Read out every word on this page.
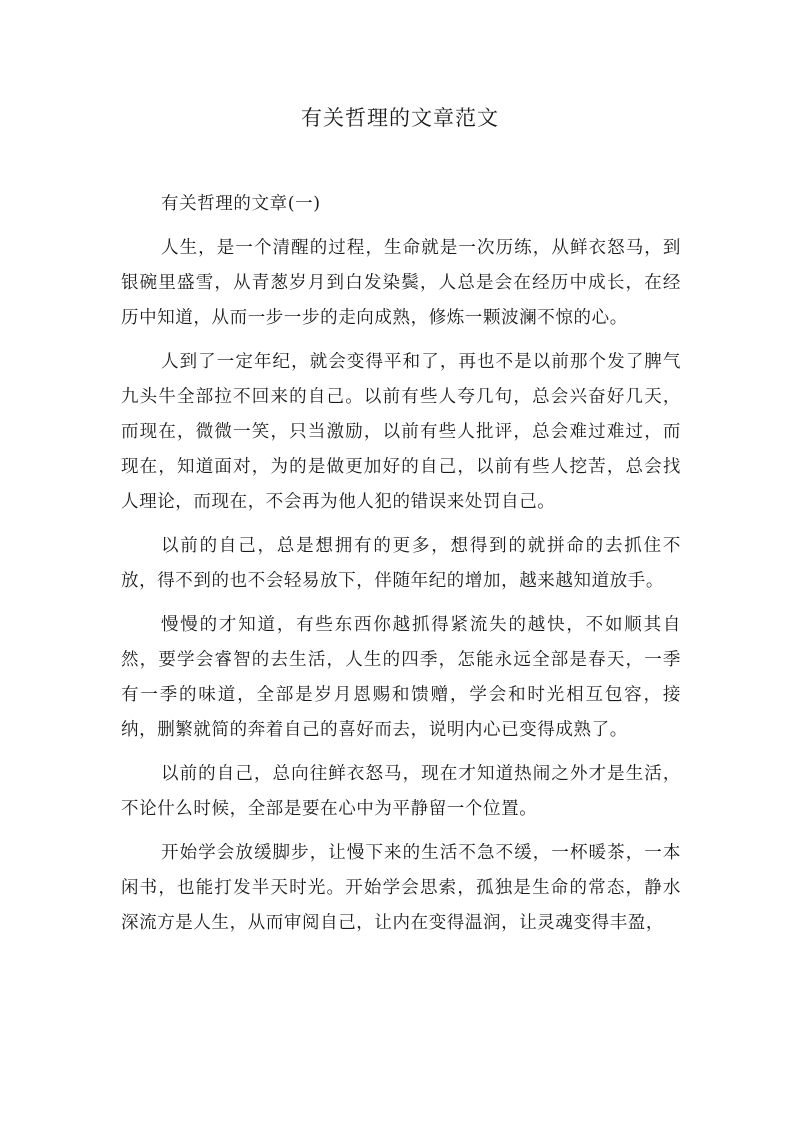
有关哲理的文章范文

有关哲理的文章(一)

人生，是一个清醒的过程，生命就是一次历练，从鲜衣怒马，到银碗里盛雪，从青葱岁月到白发染鬓，人总是会在经历中成长，在经历中知道，从而一步一步的走向成熟，修炼一颗波澜不惊的心。

人到了一定年纪，就会变得平和了，再也不是以前那个发了脾气九头牛全部拉不回来的自己。以前有些人夸几句，总会兴奋好几天，而现在，微微一笑，只当激励，以前有些人批评，总会难过难过，而现在，知道面对，为的是做更加好的自己，以前有些人挖苦，总会找人理论，而现在，不会再为他人犯的错误来处罚自己。

以前的自己，总是想拥有的更多，想得到的就拼命的去抓住不放，得不到的也不会轻易放下，伴随年纪的增加，越来越知道放手。

慢慢的才知道，有些东西你越抓得紧流失的越快，不如顺其自然，要学会睿智的去生活，人生的四季，怎能永远全部是春天，一季有一季的味道，全部是岁月恩赐和馈赠，学会和时光相互包容，接纳，删繁就简的奔着自己的喜好而去，说明内心已变得成熟了。

以前的自己，总向往鲜衣怒马，现在才知道热闹之外才是生活，不论什么时候，全部是要在心中为平静留一个位置。

开始学会放缓脚步，让慢下来的生活不急不缓，一杯暖茶，一本闲书，也能打发半天时光。开始学会思索，孤独是生命的常态，静水深流方是人生，从而审阅自己，让内在变得温润，让灵魂变得丰盈，
